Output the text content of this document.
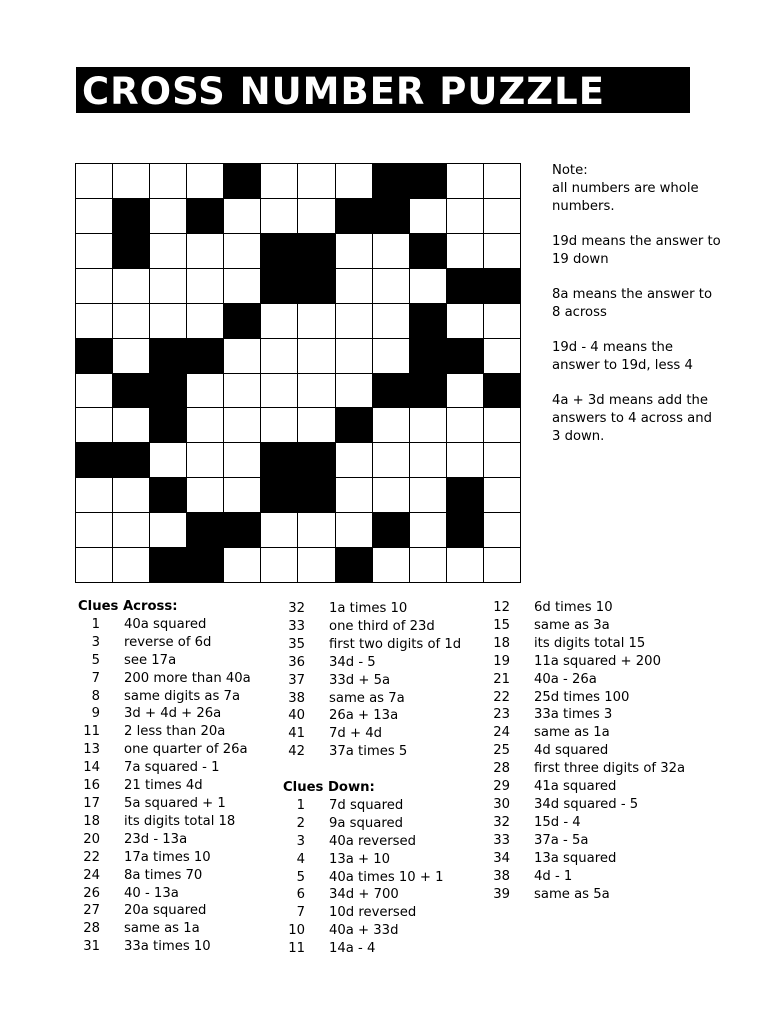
CROSS NUMBER PUZZLE

Note:
all numbers are whole numbers.

19d means the answer to 19 down

8a means the answer to 8 across

19d - 4 means the answer to 19d, less 4

4a + 3d means add the answers to 4 across and 3 down.

Clues Across:
1 40a squared
3 reverse of 6d
5 see 17a
7 200 more than 40a
8 same digits as 7a
9 3d + 4d + 26a
11 2 less than 20a
13 one quarter of 26a
14 7a squared - 1
16 21 times 4d
17 5a squared + 1
18 its digits total 18
20 23d - 13a
22 17a times 10
24 8a times 70
26 40 - 13a
27 20a squared
28 same as 1a
31 33a times 10
32 1a times 10
33 one third of 23d
35 first two digits of 1d
36 34d - 5
37 33d + 5a
38 same as 7a
40 26a + 13a
41 7d + 4d
42 37a times 5
Clues Down:
1 7d squared
2 9a squared
3 40a reversed
4 13a + 10
5 40a times 10 + 1
6 34d + 700
7 10d reversed
10 40a + 33d
11 14a - 4
12 6d times 10
15 same as 3a
18 its digits total 15
19 11a squared + 200
21 40a - 26a
22 25d times 100
23 33a times 3
24 same as 1a
25 4d squared
28 first three digits of 32a
29 41a squared
30 34d squared - 5
32 15d - 4
33 37a - 5a
34 13a squared
38 4d - 1
39 same as 5a
